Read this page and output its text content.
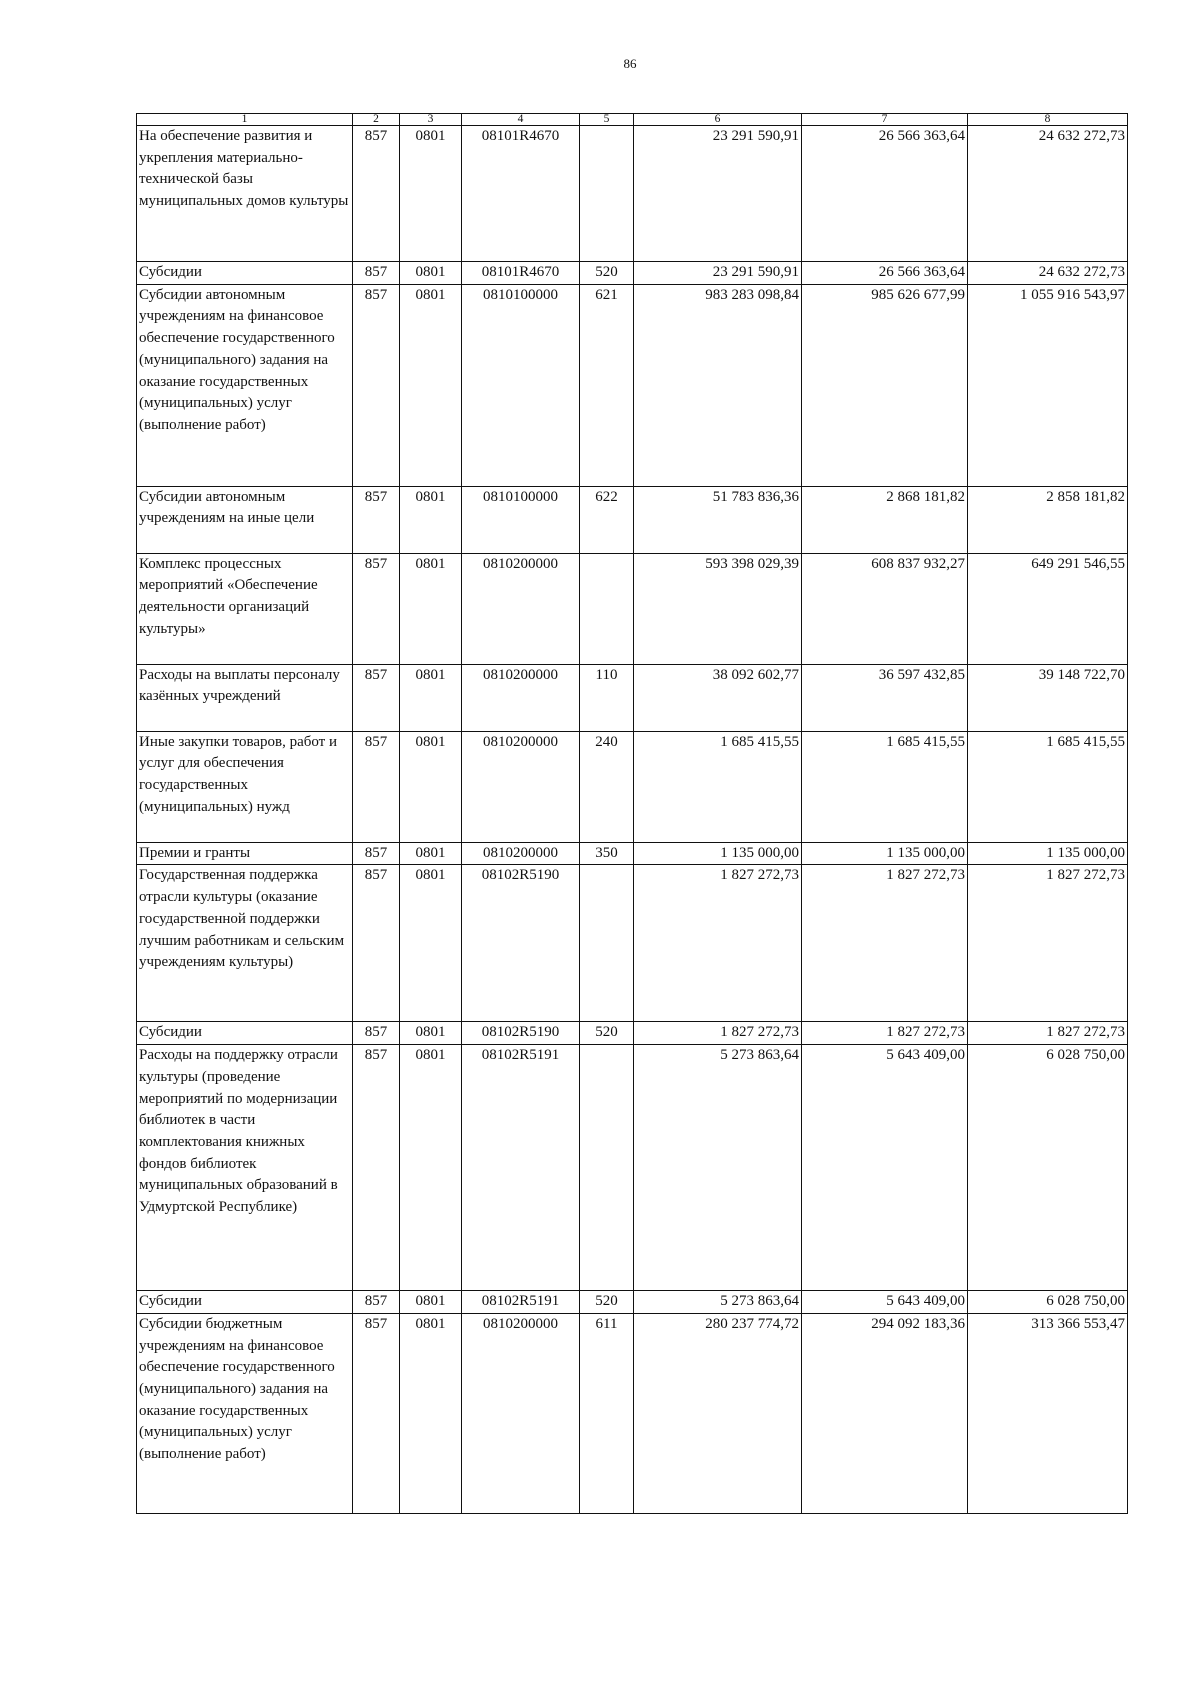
86
1	2	3	4	5	6	7	8
На обеспечение развития и укрепления материально-технической базы муниципальных домов культуры	857	0801	08101R4670		23 291 590,91	26 566 363,64	24 632 272,73
Субсидии	857	0801	08101R4670	520	23 291 590,91	26 566 363,64	24 632 272,73
Субсидии автономным учреждениям на финансовое обеспечение государственного (муниципального) задания на оказание государственных (муниципальных) услуг (выполнение работ)	857	0801	0810100000	621	983 283 098,84	985 626 677,99	1 055 916 543,97
Субсидии автономным учреждениям на иные цели	857	0801	0810100000	622	51 783 836,36	2 868 181,82	2 858 181,82
Комплекс процессных мероприятий «Обеспечение деятельности организаций культуры»	857	0801	0810200000		593 398 029,39	608 837 932,27	649 291 546,55
Расходы на выплаты персоналу казённых учреждений	857	0801	0810200000	110	38 092 602,77	36 597 432,85	39 148 722,70
Иные закупки товаров, работ и услуг для обеспечения государственных (муниципальных) нужд	857	0801	0810200000	240	1 685 415,55	1 685 415,55	1 685 415,55
Премии и гранты	857	0801	0810200000	350	1 135 000,00	1 135 000,00	1 135 000,00
Государственная поддержка отрасли культуры (оказание государственной поддержки лучшим работникам и сельским учреждениям культуры)	857	0801	08102R5190		1 827 272,73	1 827 272,73	1 827 272,73
Субсидии	857	0801	08102R5190	520	1 827 272,73	1 827 272,73	1 827 272,73
Расходы на поддержку отрасли культуры (проведение мероприятий по модернизации библиотек в части комплектования книжных фондов библиотек муниципальных образований в Удмуртской Республике)	857	0801	08102R5191		5 273 863,64	5 643 409,00	6 028 750,00
Субсидии	857	0801	08102R5191	520	5 273 863,64	5 643 409,00	6 028 750,00
Субсидии бюджетным учреждениям на финансовое обеспечение государственного (муниципального) задания на оказание государственных (муниципальных) услуг (выполнение работ)	857	0801	0810200000	611	280 237 774,72	294 092 183,36	313 366 553,47
